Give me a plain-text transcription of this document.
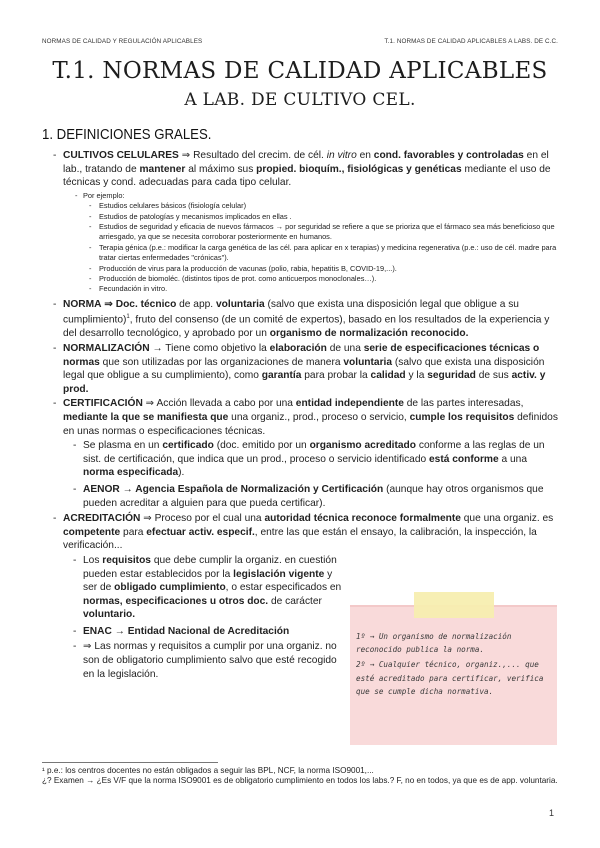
NORMAS DE CALIDAD Y REGULACIÓN APLICABLES	T.1. NORMAS DE CALIDAD APLICABLES A LABS. DE C.C.
T.1. NORMAS DE CALIDAD APLICABLES
A LAB. DE CULTIVO CEL.
1. DEFINICIONES GRALES.
- CULTIVOS CELULARES ⇒ Resultado del crecim. de cél. in vitro en cond. favorables y controladas en el lab., tratando de mantener al máximo sus propied. bioquím., fisiológicas y genéticas mediante el uso de técnicas y cond. adecuadas para cada tipo celular.
- Por ejemplo:
- Estudios celulares básicos (fisiología celular)
- Estudios de patologías y mecanismos implicados en ellas .
- Estudios de seguridad y eficacia de nuevos fármacos → por seguridad se refiere a que se prioriza que el fármaco sea más beneficioso que arriesgado, ya que se necesita corroborar posteriormente en humanos.
- Terapia génica (p.e.: modificar la carga genética de las cél. para aplicar en x terapias) y medicina regenerativa (p.e.: uso de cél. madre para tratar ciertas enfermedades "crónicas").
- Producción de virus para la producción de vacunas (polio, rabia, hepatitis B, COVID-19,...).
- Producción de biomoléc. (distintos tipos de prot. como anticuerpos monoclonales…).
- Fecundación in vitro.
- NORMA ⇒ Doc. técnico de app. voluntaria (salvo que exista una disposición legal que obligue a su cumplimiento)$^1$, fruto del consenso (de un comité de expertos), basado en los resultados de la experiencia y del desarrollo tecnológico, y aprobado por un organismo de normalización reconocido.
- NORMALIZACIÓN → Tiene como objetivo la elaboración de una serie de especificaciones técnicas o normas que son utilizadas por las organizaciones de manera voluntaria (salvo que exista una disposición legal que obligue a su cumplimiento), como garantía para probar la calidad y la seguridad de sus activ. y prod.
- CERTIFICACIÓN ⇒ Acción llevada a cabo por una entidad independiente de las partes interesadas, mediante la que se manifiesta que una organiz., prod., proceso o servicio, cumple los requisitos definidos en unas normas o especificaciones técnicas.
- Se plasma en un certificado (doc. emitido por un organismo acreditado conforme a las reglas de un sist. de certificación, que indica que un prod., proceso o servicio identificado está conforme a una norma especificada).
- AENOR → Agencia Española de Normalización y Certificación (aunque hay otros organismos que pueden acreditar a alguien para que pueda certificar).
- ACREDITACIÓN ⇒ Proceso por el cual una autoridad técnica reconoce formalmente que una organiz. es competente para efectuar activ. especif., entre las que están el ensayo, la calibración, la inspección, la verificación...
- Los requisitos que debe cumplir la organiz. en cuestión pueden estar establecidos por la legislación vigente y ser de obligado cumplimiento, o estar especificados en normas, especificaciones u otros doc. de carácter voluntario.
- ENAC → Entidad Nacional de Acreditación
- ⇒ Las normas y requisitos a cumplir por una organiz. no son de obligatorio cumplimiento salvo que esté recogido en la legislación.
1º → Un organismo de normalización reconocido publica la norma.
2º → Cualquier técnico, organiz.,... que esté acreditado para certificar, verifica que se cumple dicha normativa.
¹ p.e.: los centros docentes no están obligados a seguir las BPL, NCF, la norma ISO9001,...
¿? Examen → ¿Es V/F que la norma ISO9001 es de obligatorio cumplimiento en todos los labs.? F, no en todos, ya que es de app. voluntaria.
1
